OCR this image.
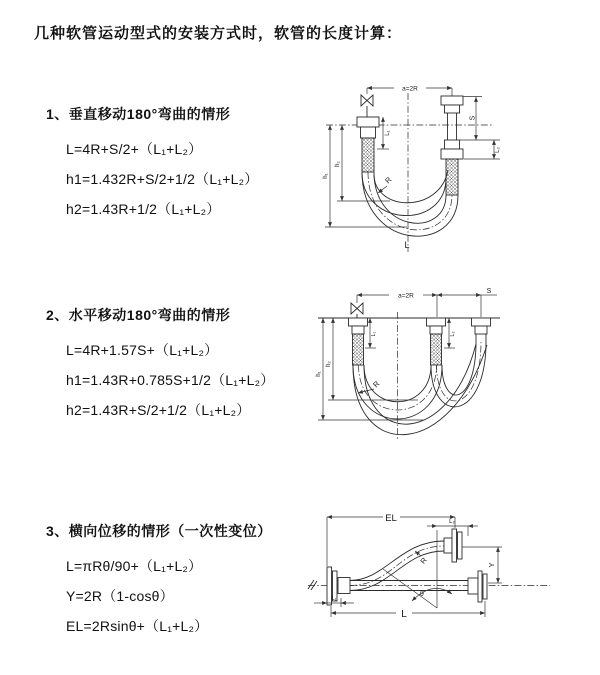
几种软管运动型式的安装方式时，软管的长度计算：
1、垂直移动180°弯曲的情形
L=4R+S/2+（L₁+L₂）
h1=1.432R+S/2+1/2（L₁+L₂）
h2=1.43R+1/2（L₁+L₂）
2、水平移动180°弯曲的情形
L=4R+1.57S+（L₁+L₂）
h1=1.43R+0.785S+1/2（L₁+L₂）
h2=1.43R+S/2+1/2（L₁+L₂）
3、横向位移的情形（一次性变位）
L=πRθ/90+（L₁+L₂）
Y=2R（1-cosθ）
EL=2Rsinθ+（L₁+L₂）
a=2R
S
L₂
L₁
h₁
h₂
R
L
a=2R
S
h₁
h₂
L₁	L₂
R
EL	L₂
θ
R	Y
L
L₁
